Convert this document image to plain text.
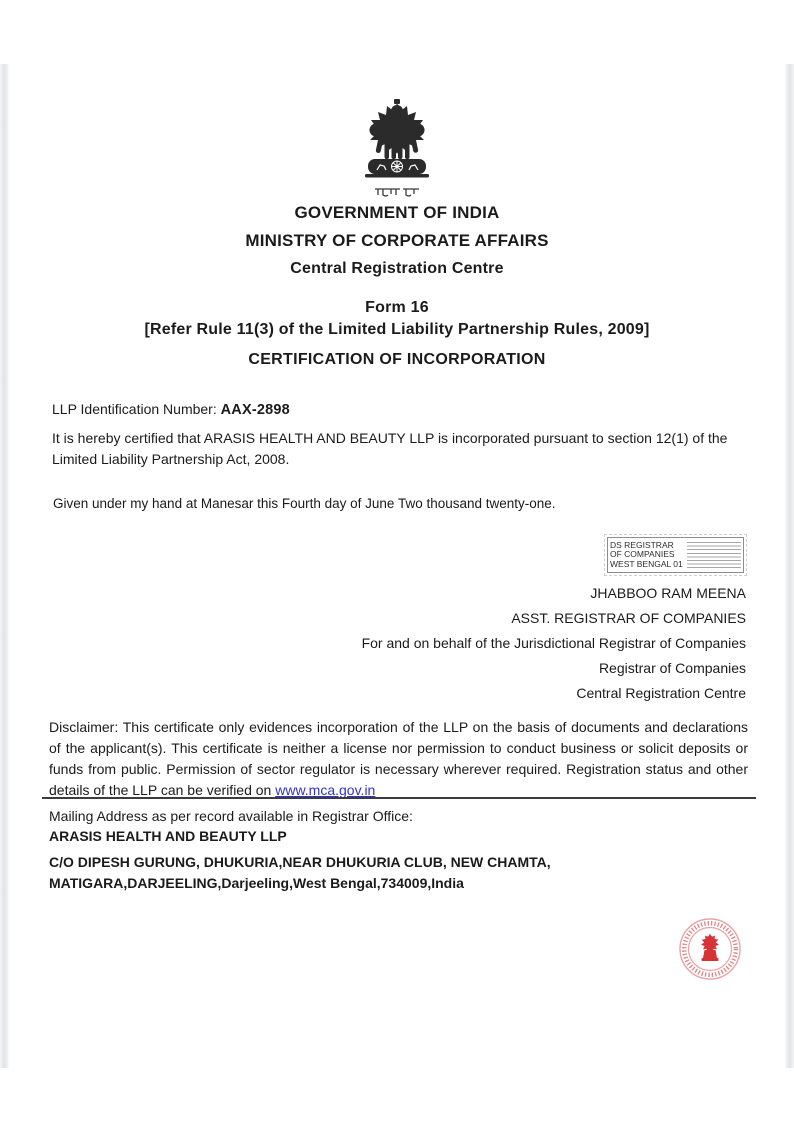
GOVERNMENT OF INDIA
MINISTRY OF CORPORATE AFFAIRS
Central Registration Centre
Form 16
[Refer Rule 11(3) of the Limited Liability Partnership Rules, 2009]
CERTIFICATION OF INCORPORATION
LLP Identification Number: AAX-2898
It is hereby certified that ARASIS HEALTH AND BEAUTY LLP is incorporated pursuant to section 12(1) of the Limited Liability Partnership Act, 2008.
Given under my hand at Manesar this Fourth day of June Two thousand twenty-one.
DS REGISTRAR
OF COMPANIES
WEST BENGAL 01
JHABBOO RAM MEENA
ASST. REGISTRAR OF COMPANIES
For and on behalf of the Jurisdictional Registrar of Companies
Registrar of Companies
Central Registration Centre
Disclaimer: This certificate only evidences incorporation of the LLP on the basis of documents and declarations of the applicant(s). This certificate is neither a license nor permission to conduct business or solicit deposits or funds from public. Permission of sector regulator is necessary wherever required. Registration status and other details of the LLP can be verified on www.mca.gov.in
Mailing Address as per record available in Registrar Office:
ARASIS HEALTH AND BEAUTY LLP
C/O DIPESH GURUNG, DHUKURIA,NEAR DHUKURIA CLUB, NEW CHAMTA,
MATIGARA,DARJEELING,Darjeeling,West Bengal,734009,India
